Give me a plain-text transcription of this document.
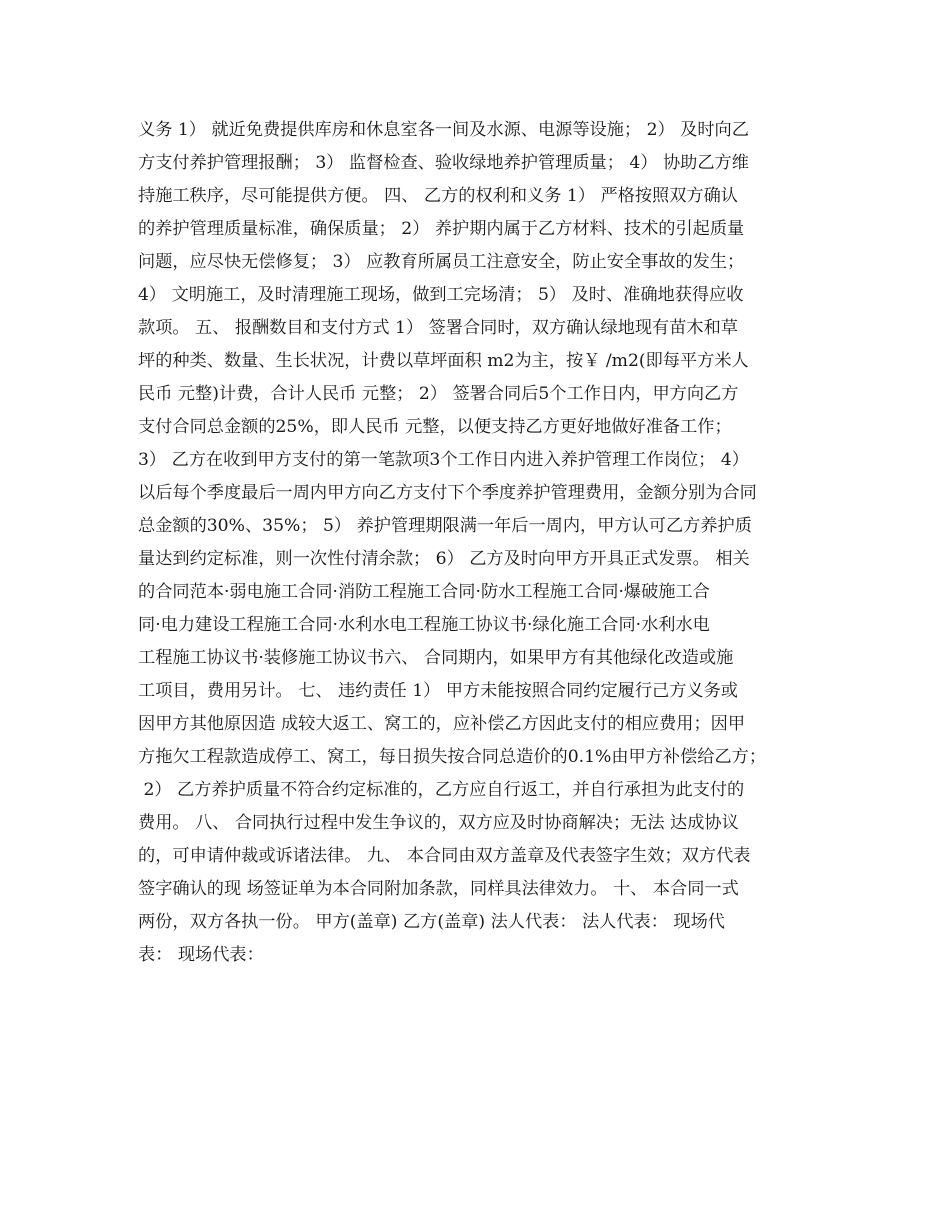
义务 1） 就近免费提供库房和休息室各一间及水源、电源等设施； 2） 及时向乙
方支付养护管理报酬； 3） 监督检查、验收绿地养护管理质量； 4） 协助乙方维
持施工秩序，尽可能提供方便。 四、 乙方的权利和义务 1） 严格按照双方确认
的养护管理质量标准，确保质量； 2） 养护期内属于乙方材料、技术的引起质量
问题，应尽快无偿修复； 3） 应教育所属员工注意安全，防止安全事故的发生；
4） 文明施工，及时清理施工现场，做到工完场清； 5） 及时、准确地获得应收
款项。 五、 报酬数目和支付方式 1） 签署合同时，双方确认绿地现有苗木和草
坪的种类、数量、生长状况，计费以草坪面积 m2为主，按￥ /m2(即每平方米人
民币 元整)计费，合计人民币 元整； 2） 签署合同后5个工作日内，甲方向乙方
支付合同总金额的25%，即人民币 元整，以便支持乙方更好地做好准备工作；
3） 乙方在收到甲方支付的第一笔款项3个工作日内进入养护管理工作岗位； 4）
以后每个季度最后一周内甲方向乙方支付下个季度养护管理费用，金额分别为合同
总金额的30%、35%； 5） 养护管理期限满一年后一周内，甲方认可乙方养护质
量达到约定标准，则一次性付清余款； 6） 乙方及时向甲方开具正式发票。 相关
的合同范本·弱电施工合同·消防工程施工合同·防水工程施工合同·爆破施工合
同·电力建设工程施工合同·水利水电工程施工协议书·绿化施工合同·水利水电
工程施工协议书·装修施工协议书六、 合同期内，如果甲方有其他绿化改造或施
工项目，费用另计。 七、 违约责任 1） 甲方未能按照合同约定履行己方义务或
因甲方其他原因造 成较大返工、窝工的，应补偿乙方因此支付的相应费用；因甲
方拖欠工程款造成停工、窝工，每日损失按合同总造价的0.1%由甲方补偿给乙方；
2） 乙方养护质量不符合约定标准的，乙方应自行返工，并自行承担为此支付的
费用。 八、 合同执行过程中发生争议的，双方应及时协商解决；无法 达成协议
的，可申请仲裁或诉诸法律。 九、 本合同由双方盖章及代表签字生效；双方代表
签字确认的现 场签证单为本合同附加条款，同样具法律效力。 十、 本合同一式
两份，双方各执一份。 甲方(盖章) 乙方(盖章) 法人代表： 法人代表： 现场代
表： 现场代表：
